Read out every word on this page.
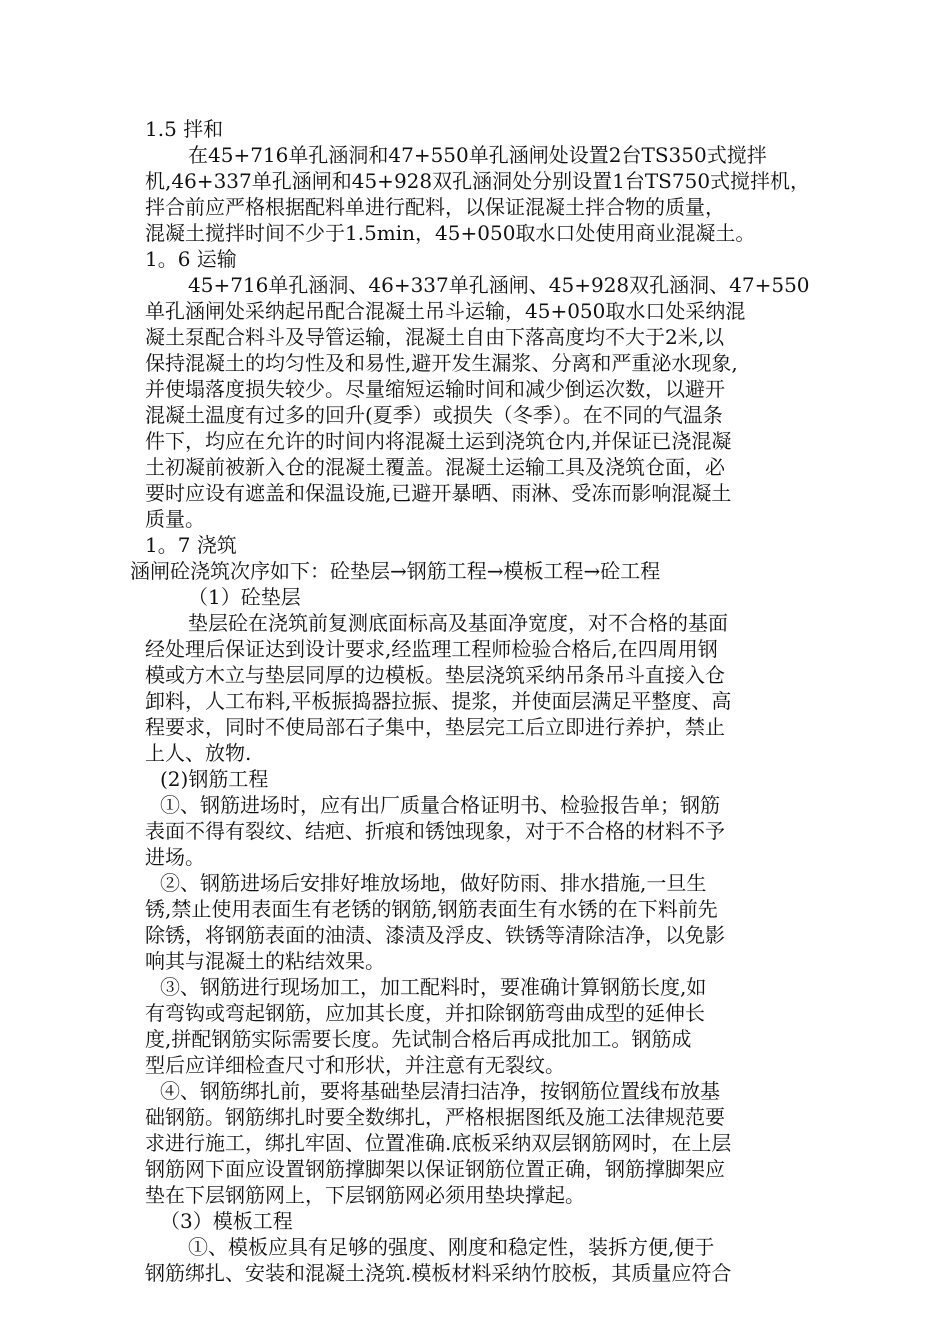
1.5 拌和
在45+716单孔涵洞和47+550单孔涵闸处设置2台TS350式搅拌
机,46+337单孔涵闸和45+928双孔涵洞处分别设置1台TS750式搅拌机，
拌合前应严格根据配料单进行配料，以保证混凝土拌合物的质量，
混凝土搅拌时间不少于1.5min，45+050取水口处使用商业混凝土。
1。6 运输
45+716单孔涵洞、46+337单孔涵闸、45+928双孔涵洞、47+550
单孔涵闸处采纳起吊配合混凝土吊斗运输，45+050取水口处采纳混
凝土泵配合料斗及导管运输，混凝土自由下落高度均不大于2米,以
保持混凝土的均匀性及和易性,避开发生漏浆、分离和严重泌水现象,
并使塌落度损失较少。尽量缩短运输时间和减少倒运次数，以避开
混凝土温度有过多的回升(夏季）或损失（冬季）。在不同的气温条
件下，均应在允许的时间内将混凝土运到浇筑仓内,并保证已浇混凝
土初凝前被新入仓的混凝土覆盖。混凝土运输工具及浇筑仓面，必
要时应设有遮盖和保温设施,已避开暴晒、雨淋、受冻而影响混凝土
质量。
1。7 浇筑
涵闸砼浇筑次序如下：砼垫层→钢筋工程→模板工程→砼工程
（1）砼垫层
垫层砼在浇筑前复测底面标高及基面净宽度，对不合格的基面
经处理后保证达到设计要求,经监理工程师检验合格后,在四周用钢
模或方木立与垫层同厚的边模板。垫层浇筑采纳吊条吊斗直接入仓
卸料，人工布料,平板振捣器拉振、提浆，并使面层满足平整度、高
程要求，同时不使局部石子集中，垫层完工后立即进行养护，禁止
上人、放物.
(2)钢筋工程
①、钢筋进场时，应有出厂质量合格证明书、检验报告单；钢筋
表面不得有裂纹、结疤、折痕和锈蚀现象，对于不合格的材料不予
进场。
②、钢筋进场后安排好堆放场地，做好防雨、排水措施,一旦生
锈,禁止使用表面生有老锈的钢筋,钢筋表面生有水锈的在下料前先
除锈，将钢筋表面的油渍、漆渍及浮皮、铁锈等清除洁净，以免影
响其与混凝土的粘结效果。
③、钢筋进行现场加工，加工配料时，要准确计算钢筋长度,如
有弯钩或弯起钢筋，应加其长度，并扣除钢筋弯曲成型的延伸长
度,拼配钢筋实际需要长度。先试制合格后再成批加工。钢筋成
型后应详细检查尺寸和形状，并注意有无裂纹。
④、钢筋绑扎前，要将基础垫层清扫洁净，按钢筋位置线布放基
础钢筋。钢筋绑扎时要全数绑扎，严格根据图纸及施工法律规范要
求进行施工，绑扎牢固、位置准确.底板采纳双层钢筋网时，在上层
钢筋网下面应设置钢筋撑脚架以保证钢筋位置正确，钢筋撑脚架应
垫在下层钢筋网上，下层钢筋网必须用垫块撑起。
（3）模板工程
①、模板应具有足够的强度、刚度和稳定性，装拆方便,便于
钢筋绑扎、安装和混凝土浇筑.模板材料采纳竹胶板，其质量应符合
